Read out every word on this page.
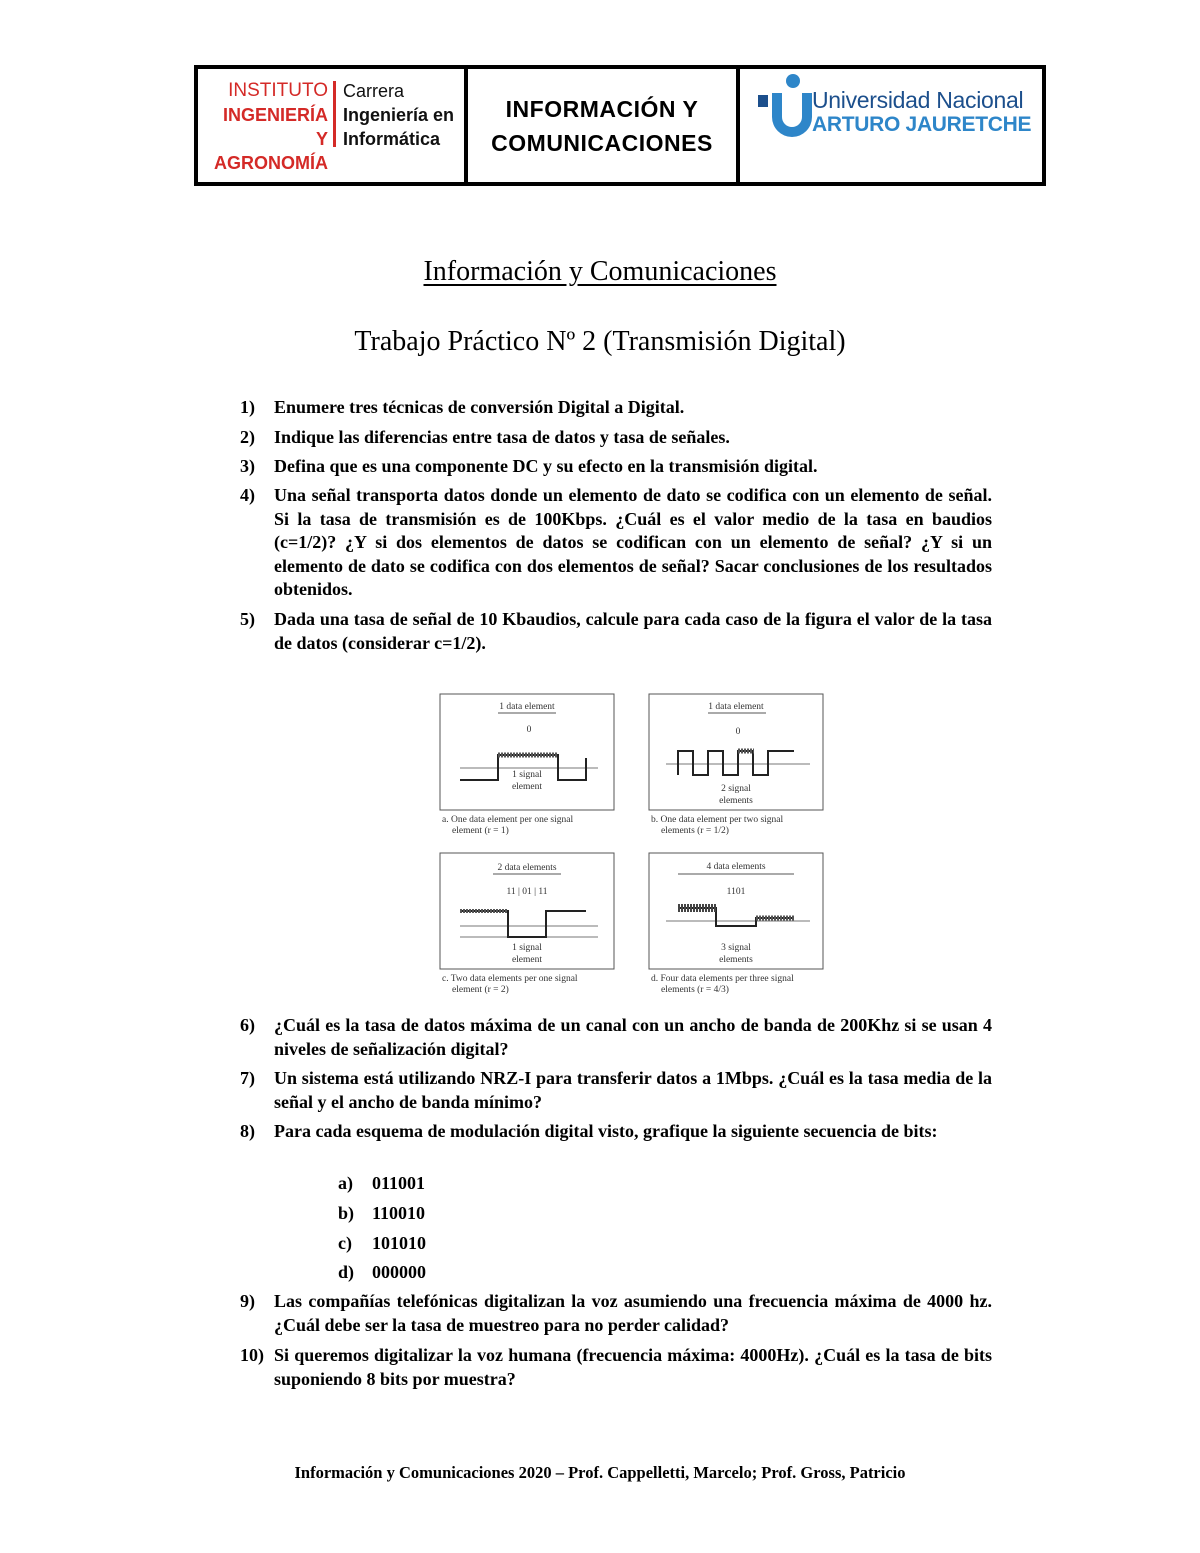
INSTITUTO
INGENIERÍA Y
AGRONOMÍA
Carrera
Ingeniería en
Informática
INFORMACIÓN Y
COMUNICACIONES
Universidad Nacional
ARTURO JAURETCHE
Información y Comunicaciones
Trabajo Práctico Nº 2 (Transmisión Digital)
1) Enumere tres técnicas de conversión Digital a Digital.
2) Indique las diferencias entre tasa de datos y tasa de señales.
3) Defina que es una componente DC y su efecto en la transmisión digital.
4) Una señal transporta datos donde un elemento de dato se codifica con un elemento de señal. Si la tasa de transmisión es de 100Kbps. ¿Cuál es el valor medio de la tasa en baudios (c=1/2)? ¿Y si dos elementos de datos se codifican con un elemento de señal? ¿Y si un elemento de dato se codifica con dos elementos de señal? Sacar conclusiones de los resultados obtenidos.
5) Dada una tasa de señal de 10 Kbaudios, calcule para cada caso de la figura el valor de la tasa de datos (considerar c=1/2).
1 data element
0
1 signal
element
a. One data element per one signal
element (r = 1)
1 data element
0
2 signal
elements
b. One data element per two signal
elements (r = 1/2)
2 data elements
11 | 01 | 11
1 signal
element
c. Two data elements per one signal
element (r = 2)
4 data elements
1101
3 signal
elements
d. Four data elements per three signal
elements (r = 4/3)
6) ¿Cuál es la tasa de datos máxima de un canal con un ancho de banda de 200Khz si se usan 4 niveles de señalización digital?
7) Un sistema está utilizando NRZ-I para transferir datos a 1Mbps. ¿Cuál es la tasa media de la señal y el ancho de banda mínimo?
8) Para cada esquema de modulación digital visto, grafique la siguiente secuencia de bits:
a) 011001
b) 110010
c) 101010
d) 000000
9) Las compañías telefónicas digitalizan la voz asumiendo una frecuencia máxima de 4000 hz. ¿Cuál debe ser la tasa de muestreo para no perder calidad?
10) Si queremos digitalizar la voz humana (frecuencia máxima: 4000Hz). ¿Cuál es la tasa de bits suponiendo 8 bits por muestra?
Información y Comunicaciones 2020 – Prof. Cappelletti, Marcelo; Prof. Gross, Patricio
